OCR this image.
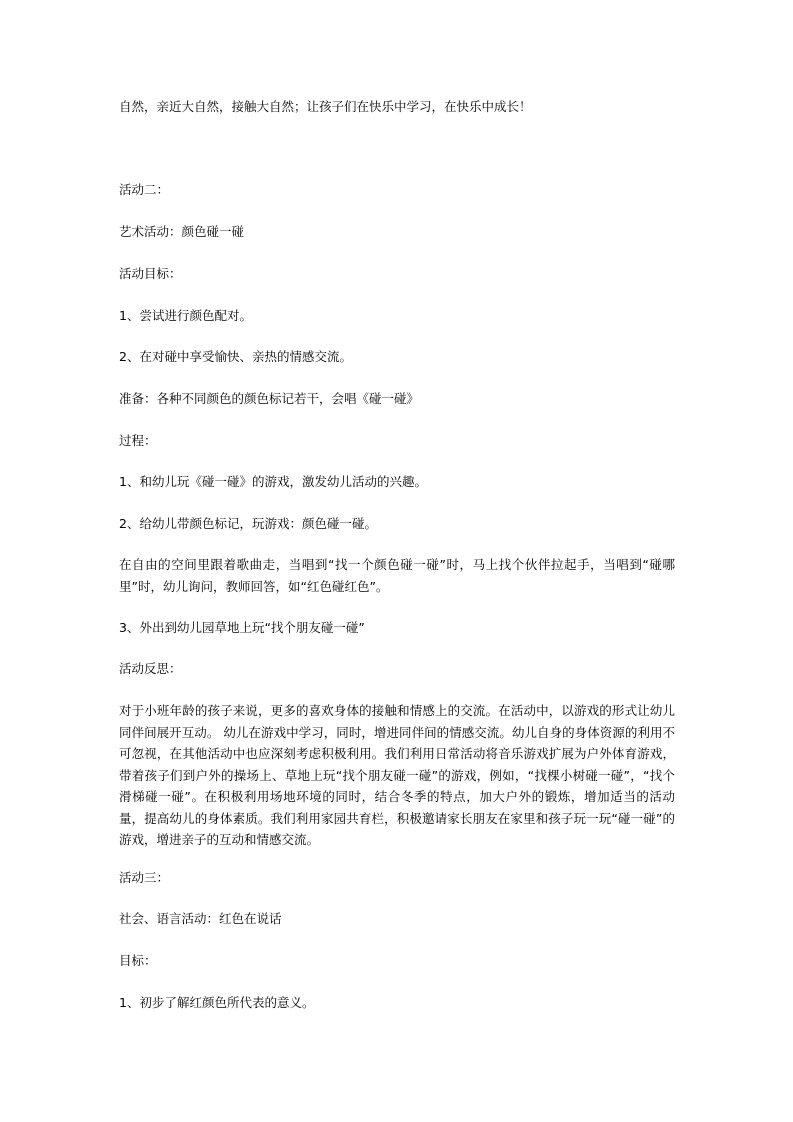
自然，亲近大自然，接触大自然；让孩子们在快乐中学习，在快乐中成长！

活动二：

艺术活动：颜色碰一碰

活动目标：

1、尝试进行颜色配对。

2、在对碰中享受愉快、亲热的情感交流。

准备：各种不同颜色的颜色标记若干，会唱《碰一碰》

过程：

1、和幼儿玩《碰一碰》的游戏，激发幼儿活动的兴趣。

2、给幼儿带颜色标记，玩游戏：颜色碰一碰。

在自由的空间里跟着歌曲走，当唱到“找一个颜色碰一碰”时，马上找个伙伴拉起手，当唱到“碰哪里”时，幼儿询问，教师回答，如“红色碰红色”。

3、外出到幼儿园草地上玩“找个朋友碰一碰”

活动反思：

对于小班年龄的孩子来说，更多的喜欢身体的接触和情感上的交流。在活动中，以游戏的形式让幼儿同伴间展开互动。 幼儿在游戏中学习，同时，增进同伴间的情感交流。幼儿自身的身体资源的利用不可忽视，在其他活动中也应深刻考虑积极利用。我们利用日常活动将音乐游戏扩展为户外体育游戏，带着孩子们到户外的操场上、草地上玩“找个朋友碰一碰”的游戏，例如，“找棵小树碰一碰”，“找个滑梯碰一碰”。在积极利用场地环境的同时，结合冬季的特点，加大户外的锻炼，增加适当的活动量，提高幼儿的身体素质。我们利用家园共育栏，积极邀请家长朋友在家里和孩子玩一玩“碰一碰”的游戏，增进亲子的互动和情感交流。

活动三：

社会、语言活动：红色在说话

目标：

1、初步了解红颜色所代表的意义。
